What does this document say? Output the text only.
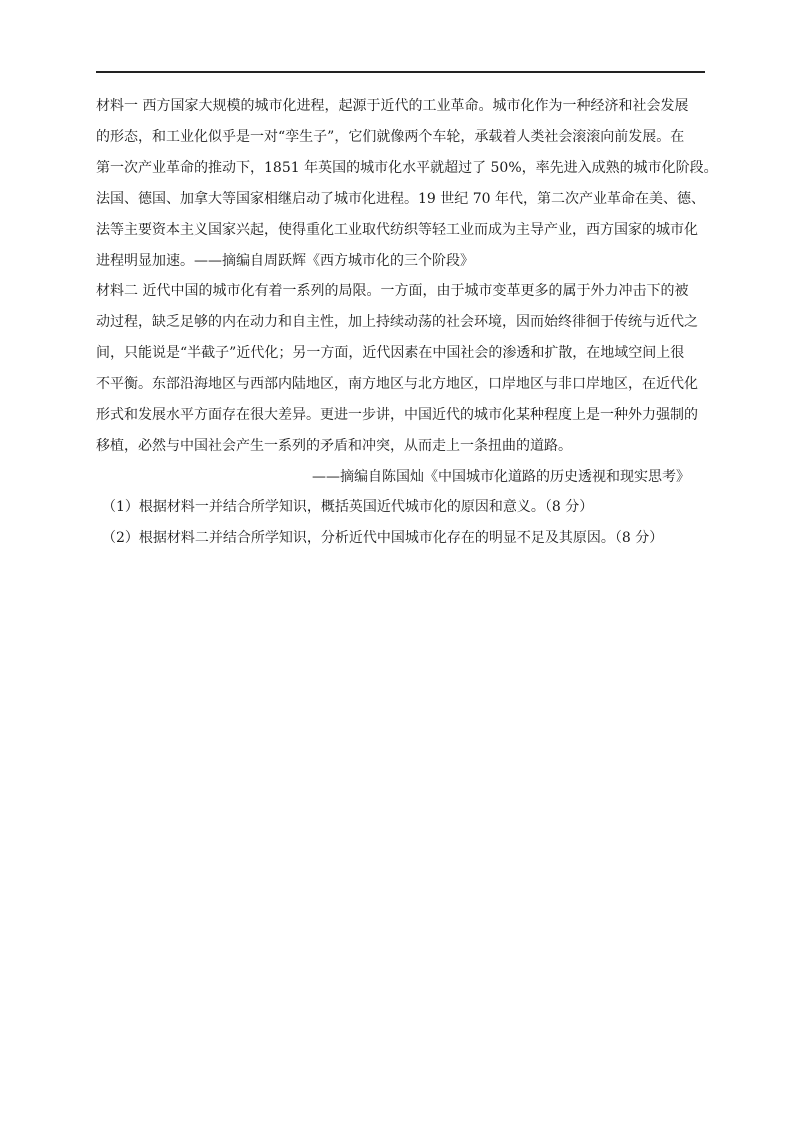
材料一 西方国家大规模的城市化进程，起源于近代的工业革命。城市化作为一种经济和社会发展
的形态，和工业化似乎是一对“孪生子”，它们就像两个车轮，承载着人类社会滚滚向前发展。在
第一次产业革命的推动下，1851 年英国的城市化水平就超过了 50%，率先进入成熟的城市化阶段。
法国、德国、加拿大等国家相继启动了城市化进程。19 世纪 70 年代，第二次产业革命在美、德、
法等主要资本主义国家兴起，使得重化工业取代纺织等轻工业而成为主导产业，西方国家的城市化
进程明显加速。——摘编自周跃辉《西方城市化的三个阶段》
材料二 近代中国的城市化有着一系列的局限。一方面，由于城市变革更多的属于外力冲击下的被
动过程，缺乏足够的内在动力和自主性，加上持续动荡的社会环境，因而始终徘徊于传统与近代之
间，只能说是“半截子”近代化；另一方面，近代因素在中国社会的渗透和扩散，在地域空间上很
不平衡。东部沿海地区与西部内陆地区，南方地区与北方地区，口岸地区与非口岸地区，在近代化
形式和发展水平方面存在很大差异。更进一步讲，中国近代的城市化某种程度上是一种外力强制的
移植，必然与中国社会产生一系列的矛盾和冲突，从而走上一条扭曲的道路。
——摘编自陈国灿《中国城市化道路的历史透视和现实思考》
（1）根据材料一并结合所学知识，概括英国近代城市化的原因和意义。（8 分）
（2）根据材料二并结合所学知识，分析近代中国城市化存在的明显不足及其原因。（8 分）
